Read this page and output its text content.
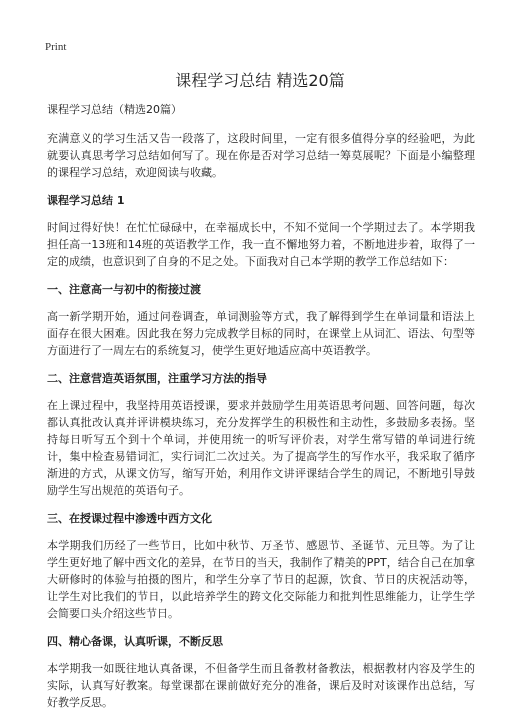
Print
课程学习总结 精选20篇

课程学习总结（精选20篇）

充满意义的学习生活又告一段落了，这段时间里，一定有很多值得分享的经验吧，为此就要认真思考学习总结如何写了。现在你是否对学习总结一筹莫展呢？下面是小编整理的课程学习总结，欢迎阅读与收藏。

课程学习总结 1

时间过得好快！在忙忙碌碌中，在幸福成长中，不知不觉间一个学期过去了。本学期我担任高一13班和14班的英语教学工作，我一直不懈地努力着，不断地进步着，取得了一定的成绩，也意识到了自身的不足之处。下面我对自己本学期的教学工作总结如下：

一、注意高一与初中的衔接过渡

高一新学期开始，通过问卷调查，单词测验等方式，我了解得到学生在单词量和语法上面存在很大困难。因此我在努力完成教学目标的同时，在课堂上从词汇、语法、句型等方面进行了一周左右的系统复习，使学生更好地适应高中英语教学。

二、注意营造英语氛围，注重学习方法的指导

在上课过程中，我坚持用英语授课，要求并鼓励学生用英语思考问题、回答问题，每次都认真批改认真并评讲模块练习，充分发挥学生的积极性和主动性，多鼓励多表扬。坚持每日听写五个到十个单词，并使用统一的听写评价表，对学生常写错的单词进行统计，集中检查易错词汇，实行词汇二次过关。为了提高学生的写作水平，我采取了循序渐进的方式，从课文仿写，缩写开始，利用作文讲评课结合学生的周记，不断地引导鼓励学生写出规范的英语句子。

三、在授课过程中渗透中西方文化

本学期我们历经了一些节日，比如中秋节、万圣节、感恩节、圣诞节、元旦等。为了让学生更好地了解中西文化的差异，在节日的当天，我制作了精美的PPT，结合自己在加拿大研修时的体验与拍摄的图片，和学生分享了节日的起源，饮食、节日的庆祝活动等，让学生对比我们的节日，以此培养学生的跨文化交际能力和批判性思维能力，让学生学会简要口头介绍这些节日。

四、精心备课，认真听课，不断反思

本学期我一如既往地认真备课，不但备学生而且备教材备教法，根据教材内容及学生的实际，认真写好教案。每堂课都在课前做好充分的准备，课后及时对该课作出总结，写好教学反思。
